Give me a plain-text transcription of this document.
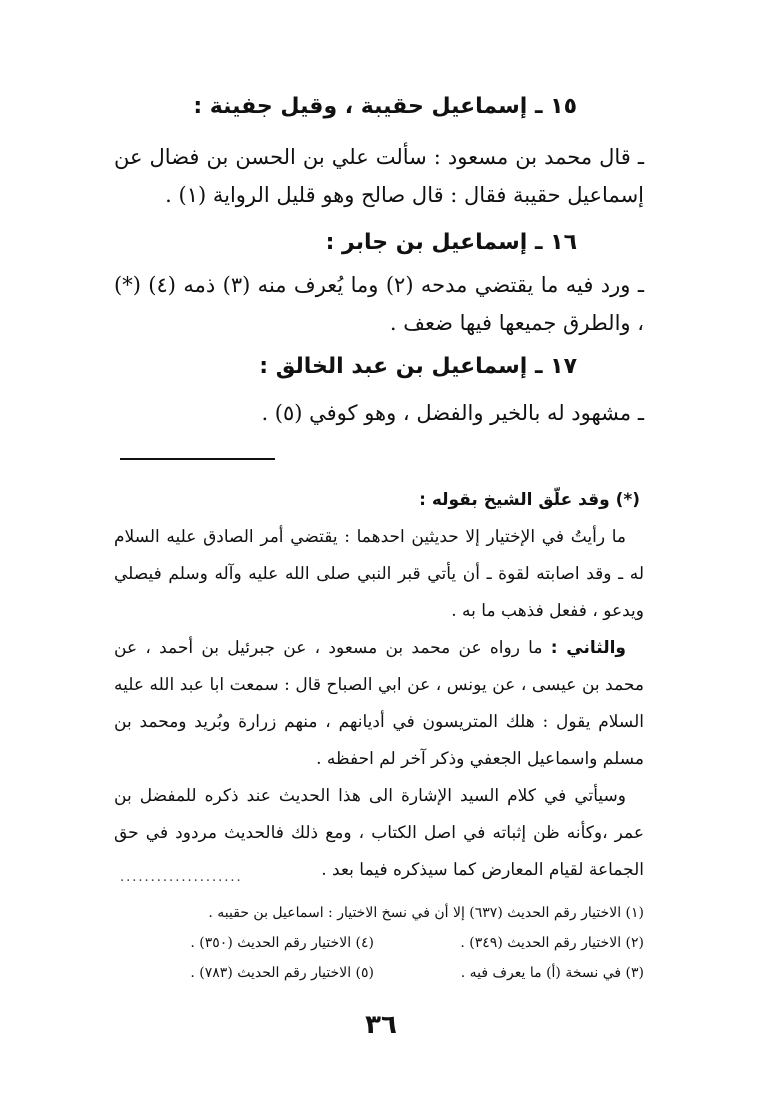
١٥ ـ إسماعيل حقيبة ، وقيل جفينة :
ـ قال محمد بن مسعود : سألت علي بن الحسن بن فضال عن إسماعيل حقيبة فقال : قال صالح وهو قليل الرواية (١) .
١٦ ـ إسماعيل بن جابر :
ـ ورد فيه ما يقتضي مدحه (٢) وما يُعرف منه (٣) ذمه (٤) (*) ، والطرق جميعها فيها ضعف .
١٧ ـ إسماعيل بن عبد الخالق :
ـ مشهود له بالخير والفضل ، وهو كوفي (٥) .
(*) وقد علّق الشيخ بقوله :
ما رأيتُ في الإختيار إلا حديثين احدهما : يقتضي أمر الصادق عليه السلام له ـ وقد اصابته لقوة ـ أن يأتي قبر النبي صلى الله عليه وآله وسلم فيصلي ويدعو ، ففعل فذهب ما به .
والثاني : ما رواه عن محمد بن مسعود ، عن جبرئيل بن أحمد ، عن محمد بن عيسى ، عن يونس ، عن ابي الصباح قال : سمعت ابا عبد الله عليه السلام يقول : هلك المتريسون في أديانهم ، منهم زرارة وبُريد ومحمد بن مسلم واسماعيل الجعفي وذكر آخر لم احفظه .
وسيأتي في كلام السيد الإشارة الى هذا الحديث عند ذكره للمفضل بن عمر ،وكأنه ظن إثباته في اصل الكتاب ، ومع ذلك فالحديث مردود في حق الجماعة لقيام المعارض كما سيذكره فيما بعد .
....................
(١) الاختيار رقم الحديث (٦٣٧) إلا أن في نسخ الاختيار : اسماعيل بن حقيبه .
(٢) الاختيار رقم الحديث (٣٤٩) .(٤) الاختيار رقم الحديث (٣٥٠) .
(٣) في نسخة (أ) ما يعرف فيه .(٥) الاختيار رقم الحديث (٧٨٣) .
٣٦
